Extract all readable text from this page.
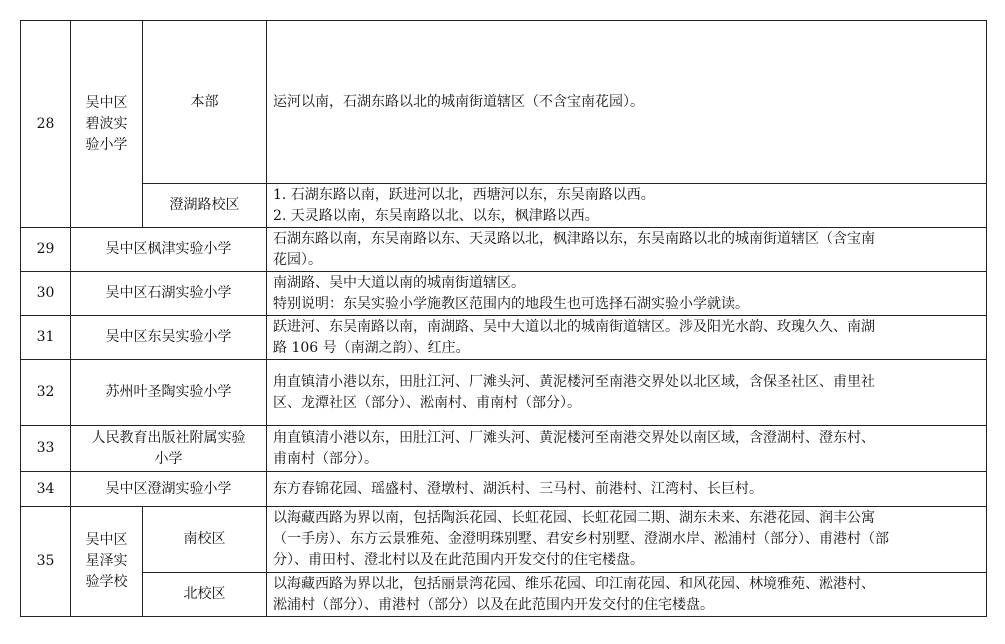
28	吴中区
碧波实
验小学	本部	运河以南，石湖东路以北的城南街道辖区（不含宝南花园）。

		澄湖路校区	1. 石湖东路以南，跃进河以北，西塘河以东，东吴南路以西。
2. 天灵路以南，东吴南路以北、以东，枫津路以西。

29	吴中区枫津实验小学		石湖东路以南，东吴南路以东、天灵路以北，枫津路以东，东吴南路以北的城南街道辖区（含宝南
花园）。

30	吴中区石湖实验小学		南湖路、吴中大道以南的城南街道辖区。
特别说明：东吴实验小学施教区范围内的地段生也可选择石湖实验小学就读。

31	吴中区东吴实验小学		跃进河、东吴南路以南，南湖路、吴中大道以北的城南街道辖区。涉及阳光水韵、玫瑰久久、南湖
路 106 号（南湖之韵）、红庄。

32	苏州叶圣陶实验小学		甪直镇清小港以东，田肚江河、厂滩头河、黄泥楼河至南港交界处以北区域，含保圣社区、甫里社
区、龙潭社区（部分）、淞南村、甫南村（部分）。

33	人民教育出版社附属实验
小学		甪直镇清小港以东，田肚江河、厂滩头河、黄泥楼河至南港交界处以南区域，含澄湖村、澄东村、
甫南村（部分）。

34	吴中区澄湖实验小学		东方春锦花园、瑶盛村、澄墩村、湖浜村、三马村、前港村、江湾村、长巨村。

35	吴中区
星泽实
验学校	南校区	以海藏西路为界以南，包括陶浜花园、长虹花园、长虹花园二期、湖东未来、东港花园、润丰公寓
（一手房）、东方云景雅苑、金澄明珠别墅、君安乡村别墅、澄湖水岸、淞浦村（部分）、甫港村（部
分）、甫田村、澄北村以及在此范围内开发交付的住宅楼盘。

		北校区	以海藏西路为界以北，包括丽景湾花园、维乐花园、印江南花园、和风花园、林境雅苑、淞港村、
淞浦村（部分）、甫港村（部分）以及在此范围内开发交付的住宅楼盘。
